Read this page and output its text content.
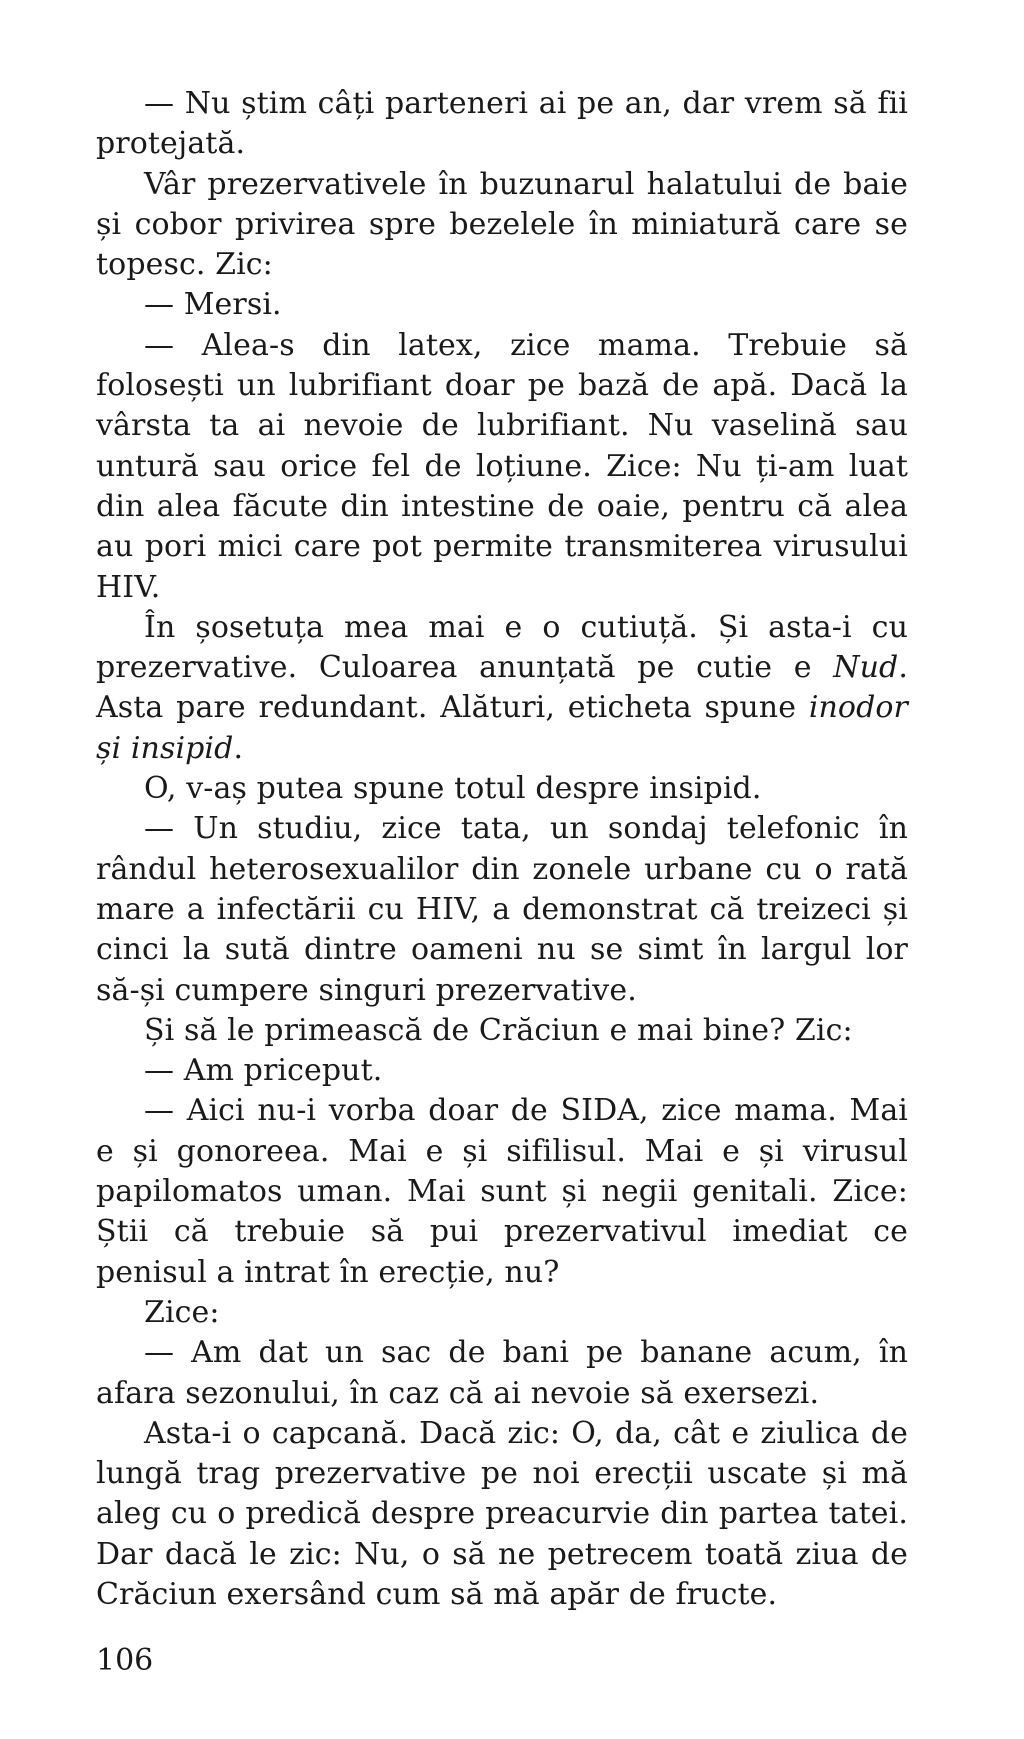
— Nu știm câți parteneri ai pe an, dar vrem să fii protejată.

Vâr prezervativele în buzunarul halatului de baie și cobor privirea spre bezelele în miniatură care se topesc. Zic:

— Mersi.

— Alea-s din latex, zice mama. Trebuie să folosești un lubrifiant doar pe bază de apă. Dacă la vârsta ta ai nevoie de lubrifiant. Nu vaselină sau untură sau orice fel de loțiune. Zice: Nu ți-am luat din alea făcute din intestine de oaie, pentru că alea au pori mici care pot permite transmiterea virusului HIV.

În șosetuța mea mai e o cutiuță. Și asta-i cu prezervative. Culoarea anunțată pe cutie e Nud. Asta pare redundant. Alături, eticheta spune inodor și insipid.

O, v-aș putea spune totul despre insipid.

— Un studiu, zice tata, un sondaj telefonic în rândul heterosexualilor din zonele urbane cu o rată mare a infectării cu HIV, a demonstrat că treizeci și cinci la sută dintre oameni nu se simt în largul lor să-și cumpere singuri prezervative.

Și să le primească de Crăciun e mai bine? Zic:

— Am priceput.

— Aici nu-i vorba doar de SIDA, zice mama. Mai e și gonoreea. Mai e și sifilisul. Mai e și virusul papilomatos uman. Mai sunt și negii genitali. Zice: Știi că trebuie să pui prezervativul imediat ce penisul a intrat în erecție, nu?

Zice:

— Am dat un sac de bani pe banane acum, în afara sezonului, în caz că ai nevoie să exersezi.

Asta-i o capcană. Dacă zic: O, da, cât e ziulica de lungă trag prezervative pe noi erecții uscate și mă aleg cu o predică despre preacurvie din partea tatei. Dar dacă le zic: Nu, o să ne petrecem toată ziua de Crăciun exersând cum să mă apăr de fructe.

106
